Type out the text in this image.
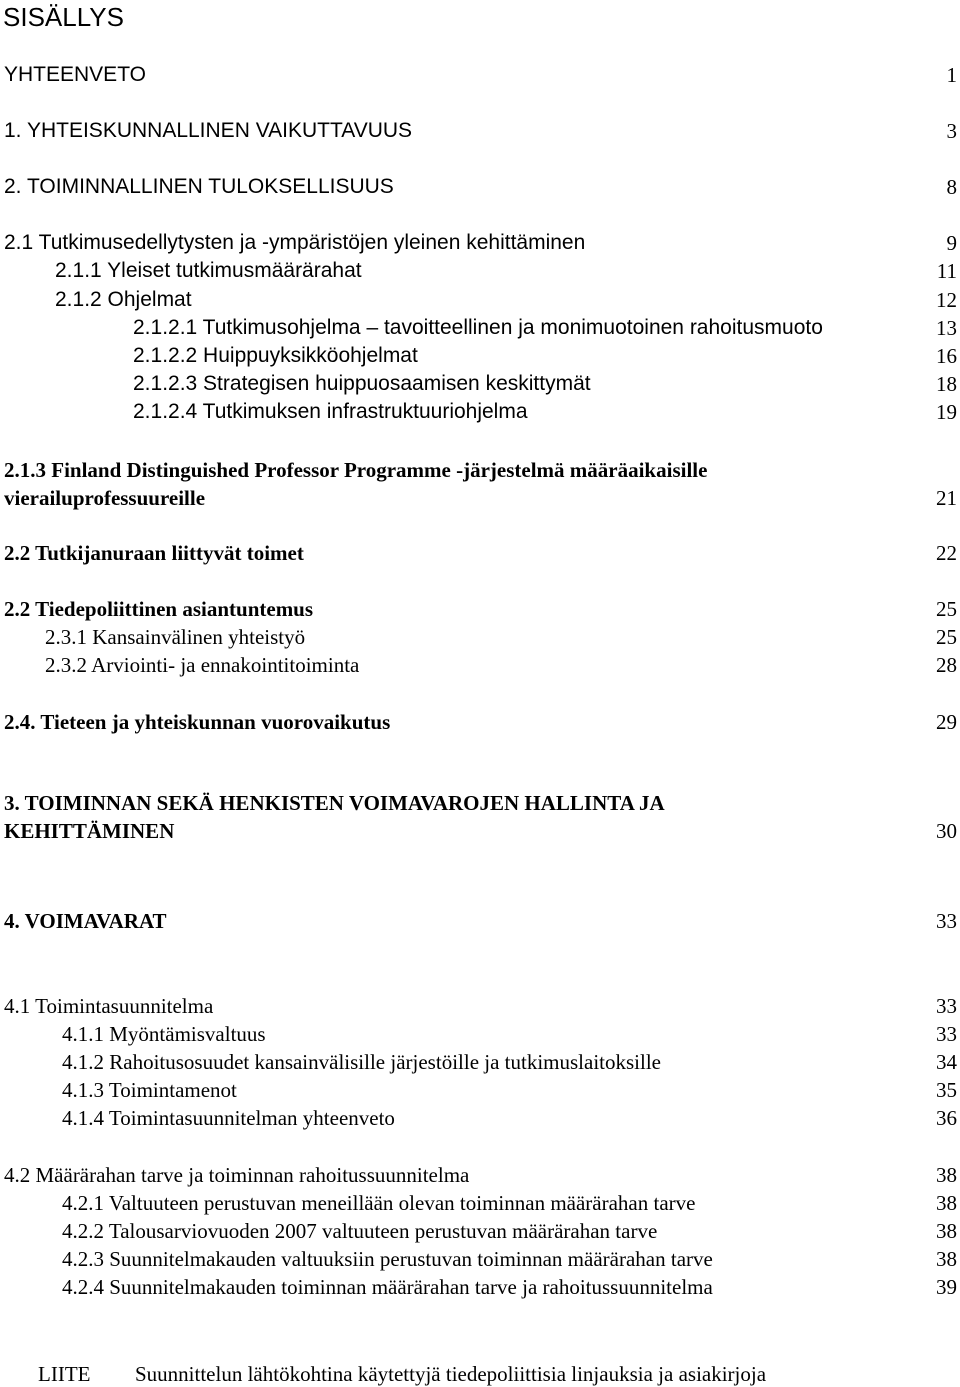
SISÄLLYS
YHTEENVETO	1
1. YHTEISKUNNALLINEN VAIKUTTAVUUS	3
2. TOIMINNALLINEN TULOKSELLISUUS	8
2.1 Tutkimusedellytysten ja -ympäristöjen yleinen kehittäminen	9
2.1.1 Yleiset tutkimusmäärärahat	11
2.1.2 Ohjelmat	12
2.1.2.1 Tutkimusohjelma – tavoitteellinen ja monimuotoinen rahoitusmuoto	13
2.1.2.2 Huippuyksikköohjelmat	16
2.1.2.3 Strategisen huippuosaamisen keskittymät	18
2.1.2.4 Tutkimuksen infrastruktuuriohjelma	19
2.1.3 Finland Distinguished Professor Programme -järjestelmä määräaikaisille
vierailuprofessuureille	21
2.2 Tutkijanuraan liittyvät toimet	22
2.2 Tiedepoliittinen asiantuntemus	25
2.3.1 Kansainvälinen yhteistyö	25
2.3.2 Arviointi- ja ennakointitoiminta	28
2.4. Tieteen ja yhteiskunnan vuorovaikutus	29
3. TOIMINNAN SEKÄ HENKISTEN VOIMAVAROJEN HALLINTA JA
KEHITTÄMINEN	30
4. VOIMAVARAT	33
4.1 Toimintasuunnitelma	33
4.1.1 Myöntämisvaltuus	33
4.1.2 Rahoitusosuudet kansainvälisille järjestöille ja tutkimuslaitoksille	34
4.1.3 Toimintamenot	35
4.1.4 Toimintasuunnitelman yhteenveto	36
4.2 Määrärahan tarve ja toiminnan rahoitussuunnitelma	38
4.2.1 Valtuuteen perustuvan meneillään olevan toiminnan määrärahan tarve	38
4.2.2 Talousarviovuoden 2007 valtuuteen perustuvan määrärahan tarve	38
4.2.3 Suunnitelmakauden valtuuksiin perustuvan toiminnan määrärahan tarve	38
4.2.4 Suunnitelmakauden toiminnan määrärahan tarve ja rahoitussuunnitelma	39
LIITE Suunnittelun lähtökohtina käytettyjä tiedepoliittisia linjauksia ja asiakirjoja
